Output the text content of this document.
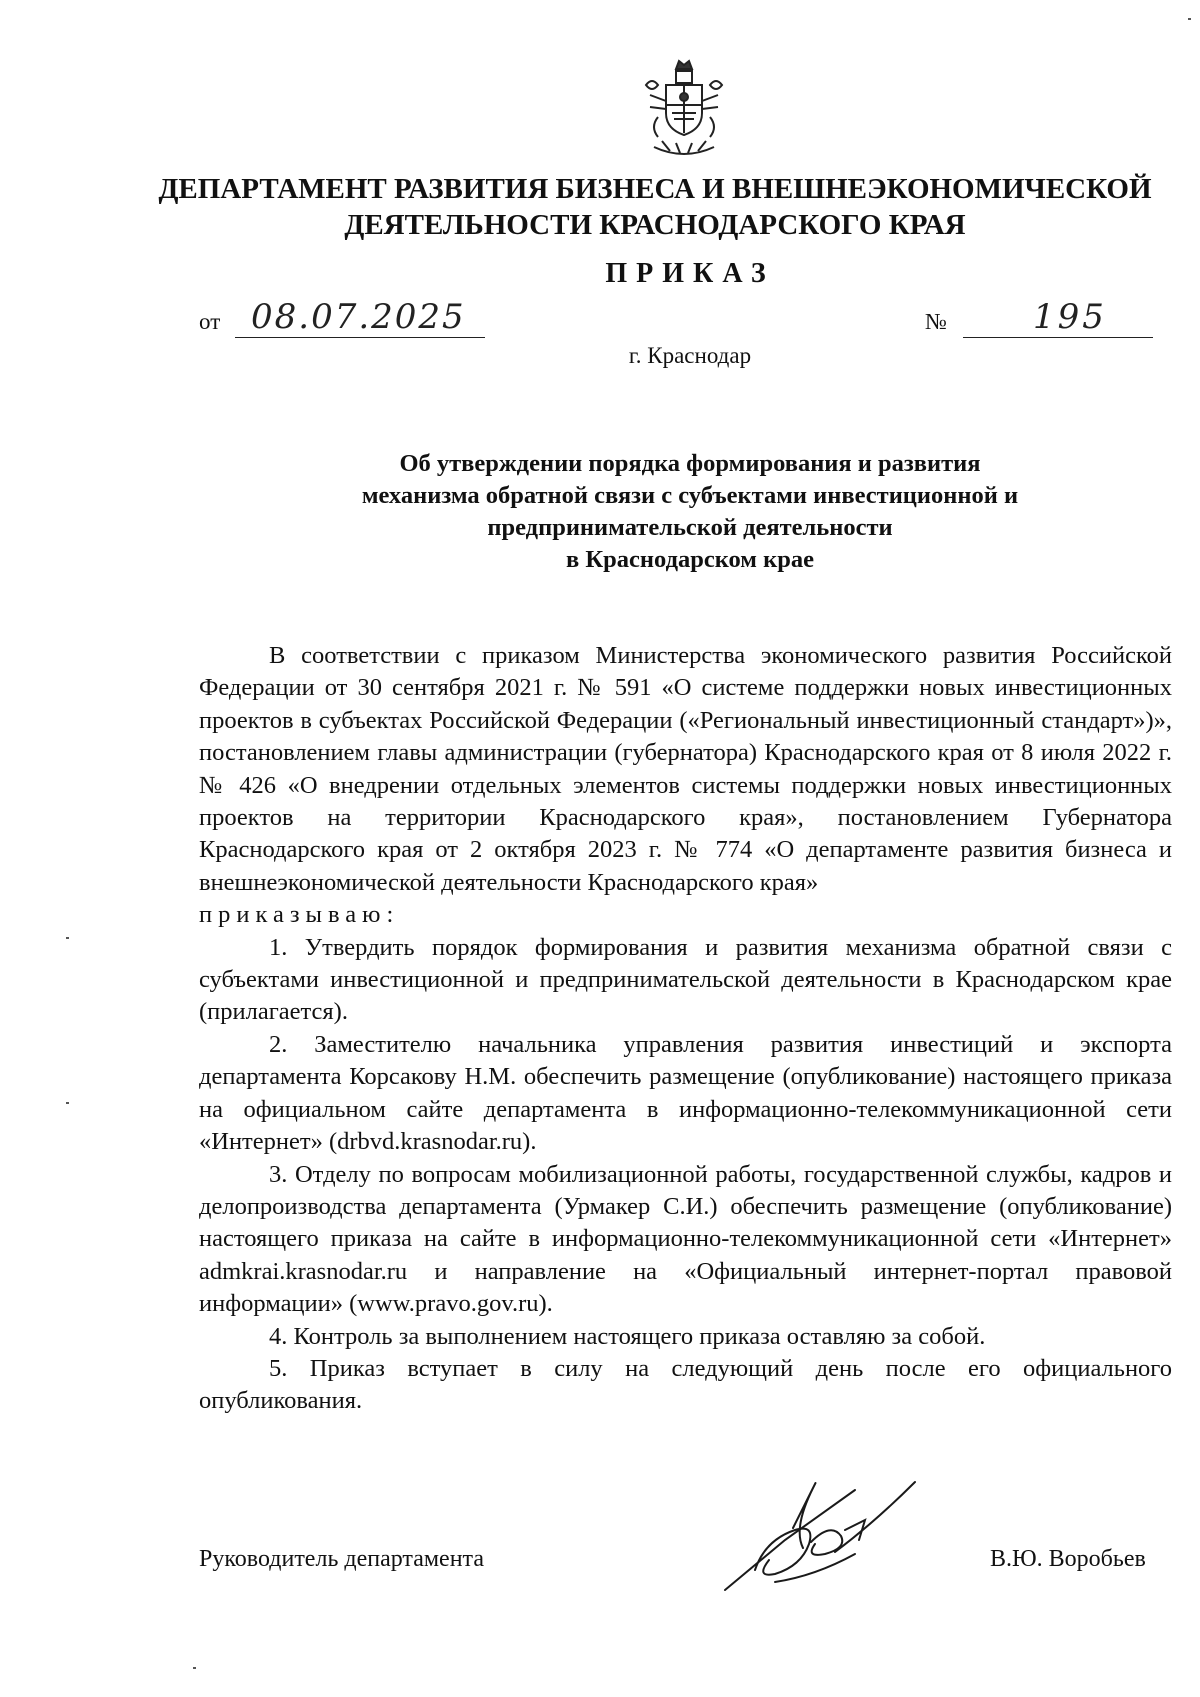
ДЕПАРТАМЕНТ РАЗВИТИЯ БИЗНЕСА И ВНЕШНЕЭКОНОМИЧЕСКОЙ
ДЕЯТЕЛЬНОСТИ КРАСНОДАРСКОГО КРАЯ
ПРИКАЗ
от 08.07.2025	№	195
г. Краснодар
Об утверждении порядка формирования и развития
механизма обратной связи с субъектами инвестиционной и
предпринимательской деятельности
в Краснодарском крае

В соответствии с приказом Министерства экономического развития Российской Федерации от 30 сентября 2021 г. № 591 «О системе поддержки новых инвестиционных проектов в субъектах Российской Федерации («Региональный инвестиционный стандарт»)», постановлением главы администрации (губернатора) Краснодарского края от 8 июля 2022 г. № 426 «О внедрении отдельных элементов системы поддержки новых инвестиционных проектов на территории Краснодарского края», постановлением Губернатора Краснодарского края от 2 октября 2023 г. № 774 «О департаменте развития бизнеса и внешнеэкономической деятельности Краснодарского края»

приказываю:

1. Утвердить порядок формирования и развития механизма обратной связи с субъектами инвестиционной и предпринимательской деятельности в Краснодарском крае (прилагается).

2. Заместителю начальника управления развития инвестиций и экспорта департамента Корсакову Н.М. обеспечить размещение (опубликование) настоящего приказа на официальном сайте департамента в информационно-телекоммуникационной сети «Интернет» (drbvd.krasnodar.ru).

3. Отделу по вопросам мобилизационной работы, государственной службы, кадров и делопроизводства департамента (Урмакер С.И.) обеспечить размещение (опубликование) настоящего приказа на сайте в информационно-телекоммуникационной сети «Интернет» admkrai.krasnodar.ru и направление на «Официальный интернет-портал правовой информации» (www.pravo.gov.ru).

4. Контроль за выполнением настоящего приказа оставляю за собой.

5. Приказ вступает в силу на следующий день после его официального опубликования.

Руководитель департамента	В.Ю. Воробьев
